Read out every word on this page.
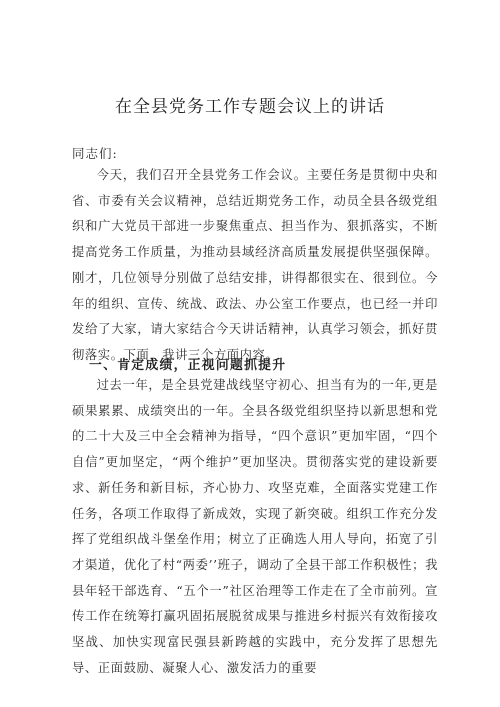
在全县党务工作专题会议上的讲话
同志们:

今天，我们召开全县党务工作会议。主要任务是贯彻中央和省、市委有关会议精神，总结近期党务工作，动员全县各级党组织和广大党员干部进一步聚焦重点、担当作为、狠抓落实，不断提高党务工作质量，为推动县域经济高质量发展提供坚强保障。刚才，几位领导分别做了总结安排，讲得都很实在、很到位。今年的组织、宣传、统战、政法、办公室工作要点，也已经一并印发给了大家，请大家结合今天讲话精神，认真学习领会，抓好贯彻落实。下面，我讲三个方面内容。

一、肯定成绩，正视问题抓提升

过去一年，是全县党建战线坚守初心、担当有为的一年,更是硕果累累、成绩突出的一年。全县各级党组织坚持以新思想和党的二十大及三中全会精神为指导，“四个意识”更加牢固，“四个自信”更加坚定，“两个维护”更加坚决。贯彻落实党的建设新要求、新任务和新目标，齐心协力、攻坚克难，全面落实党建工作任务，各项工作取得了新成效，实现了新突破。组织工作充分发挥了党组织战斗堡垒作用；树立了正确选人用人导向，拓宽了引才渠道，优化了村“两委’’班子，调动了全县干部工作积极性；我县年轻干部选育、“五个一”社区治理等工作走在了全市前列。宣传工作在统筹打赢巩固拓展脱贫成果与推进乡村振兴有效衔接攻坚战、加快实现富民强县新跨越的实践中，充分发挥了思想先导、正面鼓励、凝聚人心、激发活力的重要
